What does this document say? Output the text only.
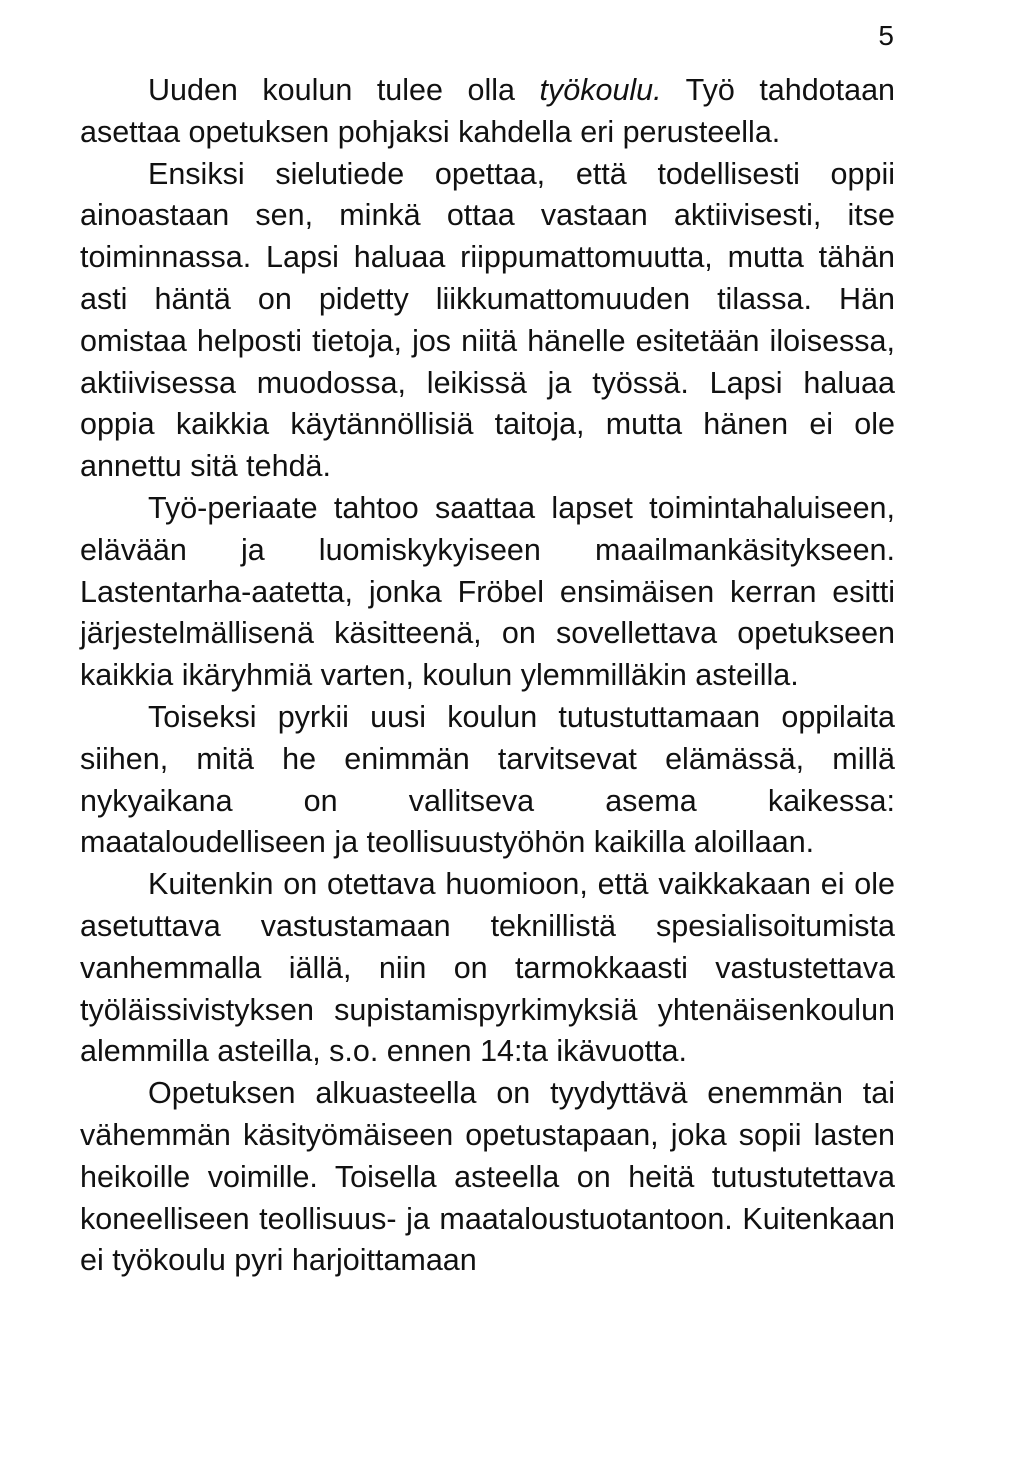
5

Uuden koulun tulee olla työkoulu. Työ tahdotaan asettaa opetuksen pohjaksi kahdella eri perusteella.

Ensiksi sielutiede opettaa, että todellisesti oppii ainoastaan sen, minkä ottaa vastaan aktiivisesti, itse toiminnassa. Lapsi haluaa riippumattomuutta, mutta tähän asti häntä on pidetty liikkumattomuuden tilassa. Hän omistaa helposti tietoja, jos niitä hänelle esitetään iloisessa, aktiivisessa muodossa, leikissä ja työssä. Lapsi haluaa oppia kaikkia käytännöllisiä taitoja, mutta hänen ei ole annettu sitä tehdä.

Työ-periaate tahtoo saattaa lapset toimintahaluiseen, elävään ja luomiskykyiseen maailmankäsitykseen. Lastentarha-aatetta, jonka Fröbel ensimäisen kerran esitti järjestelmällisenä käsitteenä, on sovellettava opetukseen kaikkia ikäryhmiä varten, koulun ylemmilläkin asteilla.

Toiseksi pyrkii uusi koulun tutustuttamaan oppilaita siihen, mitä he enimmän tarvitsevat elämässä, millä nykyaikana on vallitseva asema kaikessa: maataloudelliseen ja teollisuustyöhön kaikilla aloillaan.

Kuitenkin on otettava huomioon, että vaikkakaan ei ole asetuttava vastustamaan teknillistä spesialisoitumista vanhemmalla iällä, niin on tarmokkaasti vastustettava työläissivistyksen supistamispyrkimyksiä yhtenäisenkoulun alemmilla asteilla, s.o. ennen 14:ta ikävuotta.

Opetuksen alkuasteella on tyydyttävä enemmän tai vähemmän käsityömäiseen opetustapaan, joka sopii lasten heikoille voimille. Toisella asteella on heitä tutustutettava koneelliseen teollisuus- ja maataloustuotantoon. Kuitenkaan ei työkoulu pyri harjoittamaan
